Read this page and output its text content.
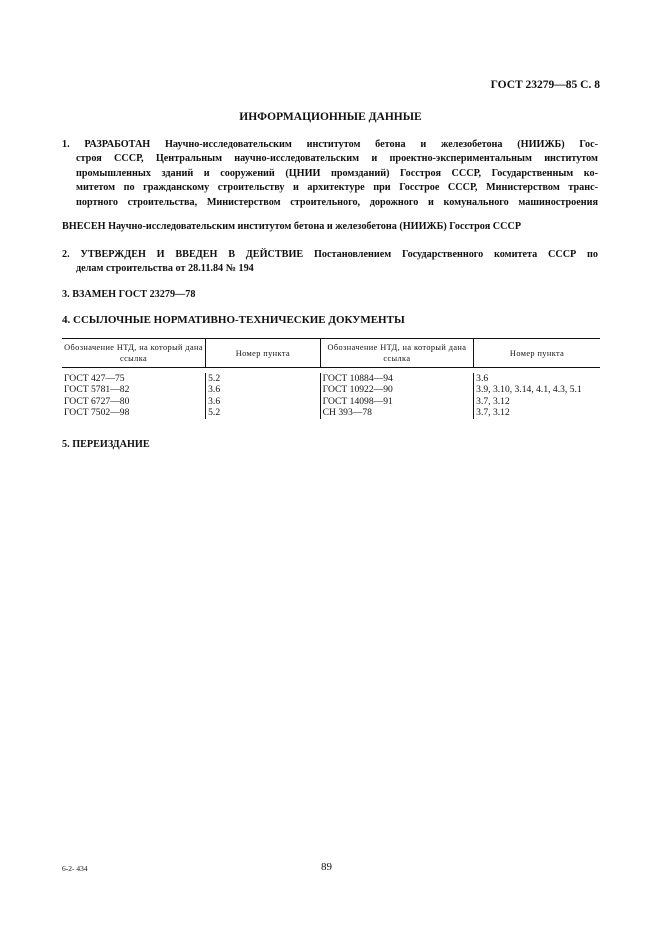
ГОСТ 23279—85 С. 8
ИНФОРМАЦИОННЫЕ ДАННЫЕ
1. РАЗРАБОТАН Научно-исследовательским институтом бетона и железобетона (НИИЖБ) Гос-
строя СССР, Центральным научно-исследовательским и проектно-экспериментальным институтом
промышленных зданий и сооружений (ЦНИИ промзданий) Госстроя СССР, Государственным ко-
митетом по гражданскому строительству и архитектуре при Госстрое СССР, Министерством транс-
портного строительства, Министерством строительного, дорожного и комунального машиностроения
ВНЕСЕН Научно-исследовательским институтом бетона и железобетона (НИИЖБ) Госстроя СССР
2. УТВЕРЖДЕН И ВВЕДЕН В ДЕЙСТВИЕ Постановлением Государственного комитета СССР по
делам строительства от 28.11.84 № 194
3. ВЗАМЕН ГОСТ 23279—78
4. ССЫЛОЧНЫЕ НОРМАТИВНО-ТЕХНИЧЕСКИЕ ДОКУМЕНТЫ
Обозначение НТД, на который дана ссылка	Номер пункта	Обозначение НТД, на который дана ссылка	Номер пункта

ГОСТ 427—75	5.2	ГОСТ 10884—94	3.6
ГОСТ 5781—82	3.6	ГОСТ 10922—90	3.9, 3.10, 3.14, 4.1, 4.3, 5.1
ГОСТ 6727—80	3.6	ГОСТ 14098—91	3.7, 3.12
ГОСТ 7502—98	5.2	СН 393—78	3.7, 3.12
5. ПЕРЕИЗДАНИЕ
6-2- 434	89
